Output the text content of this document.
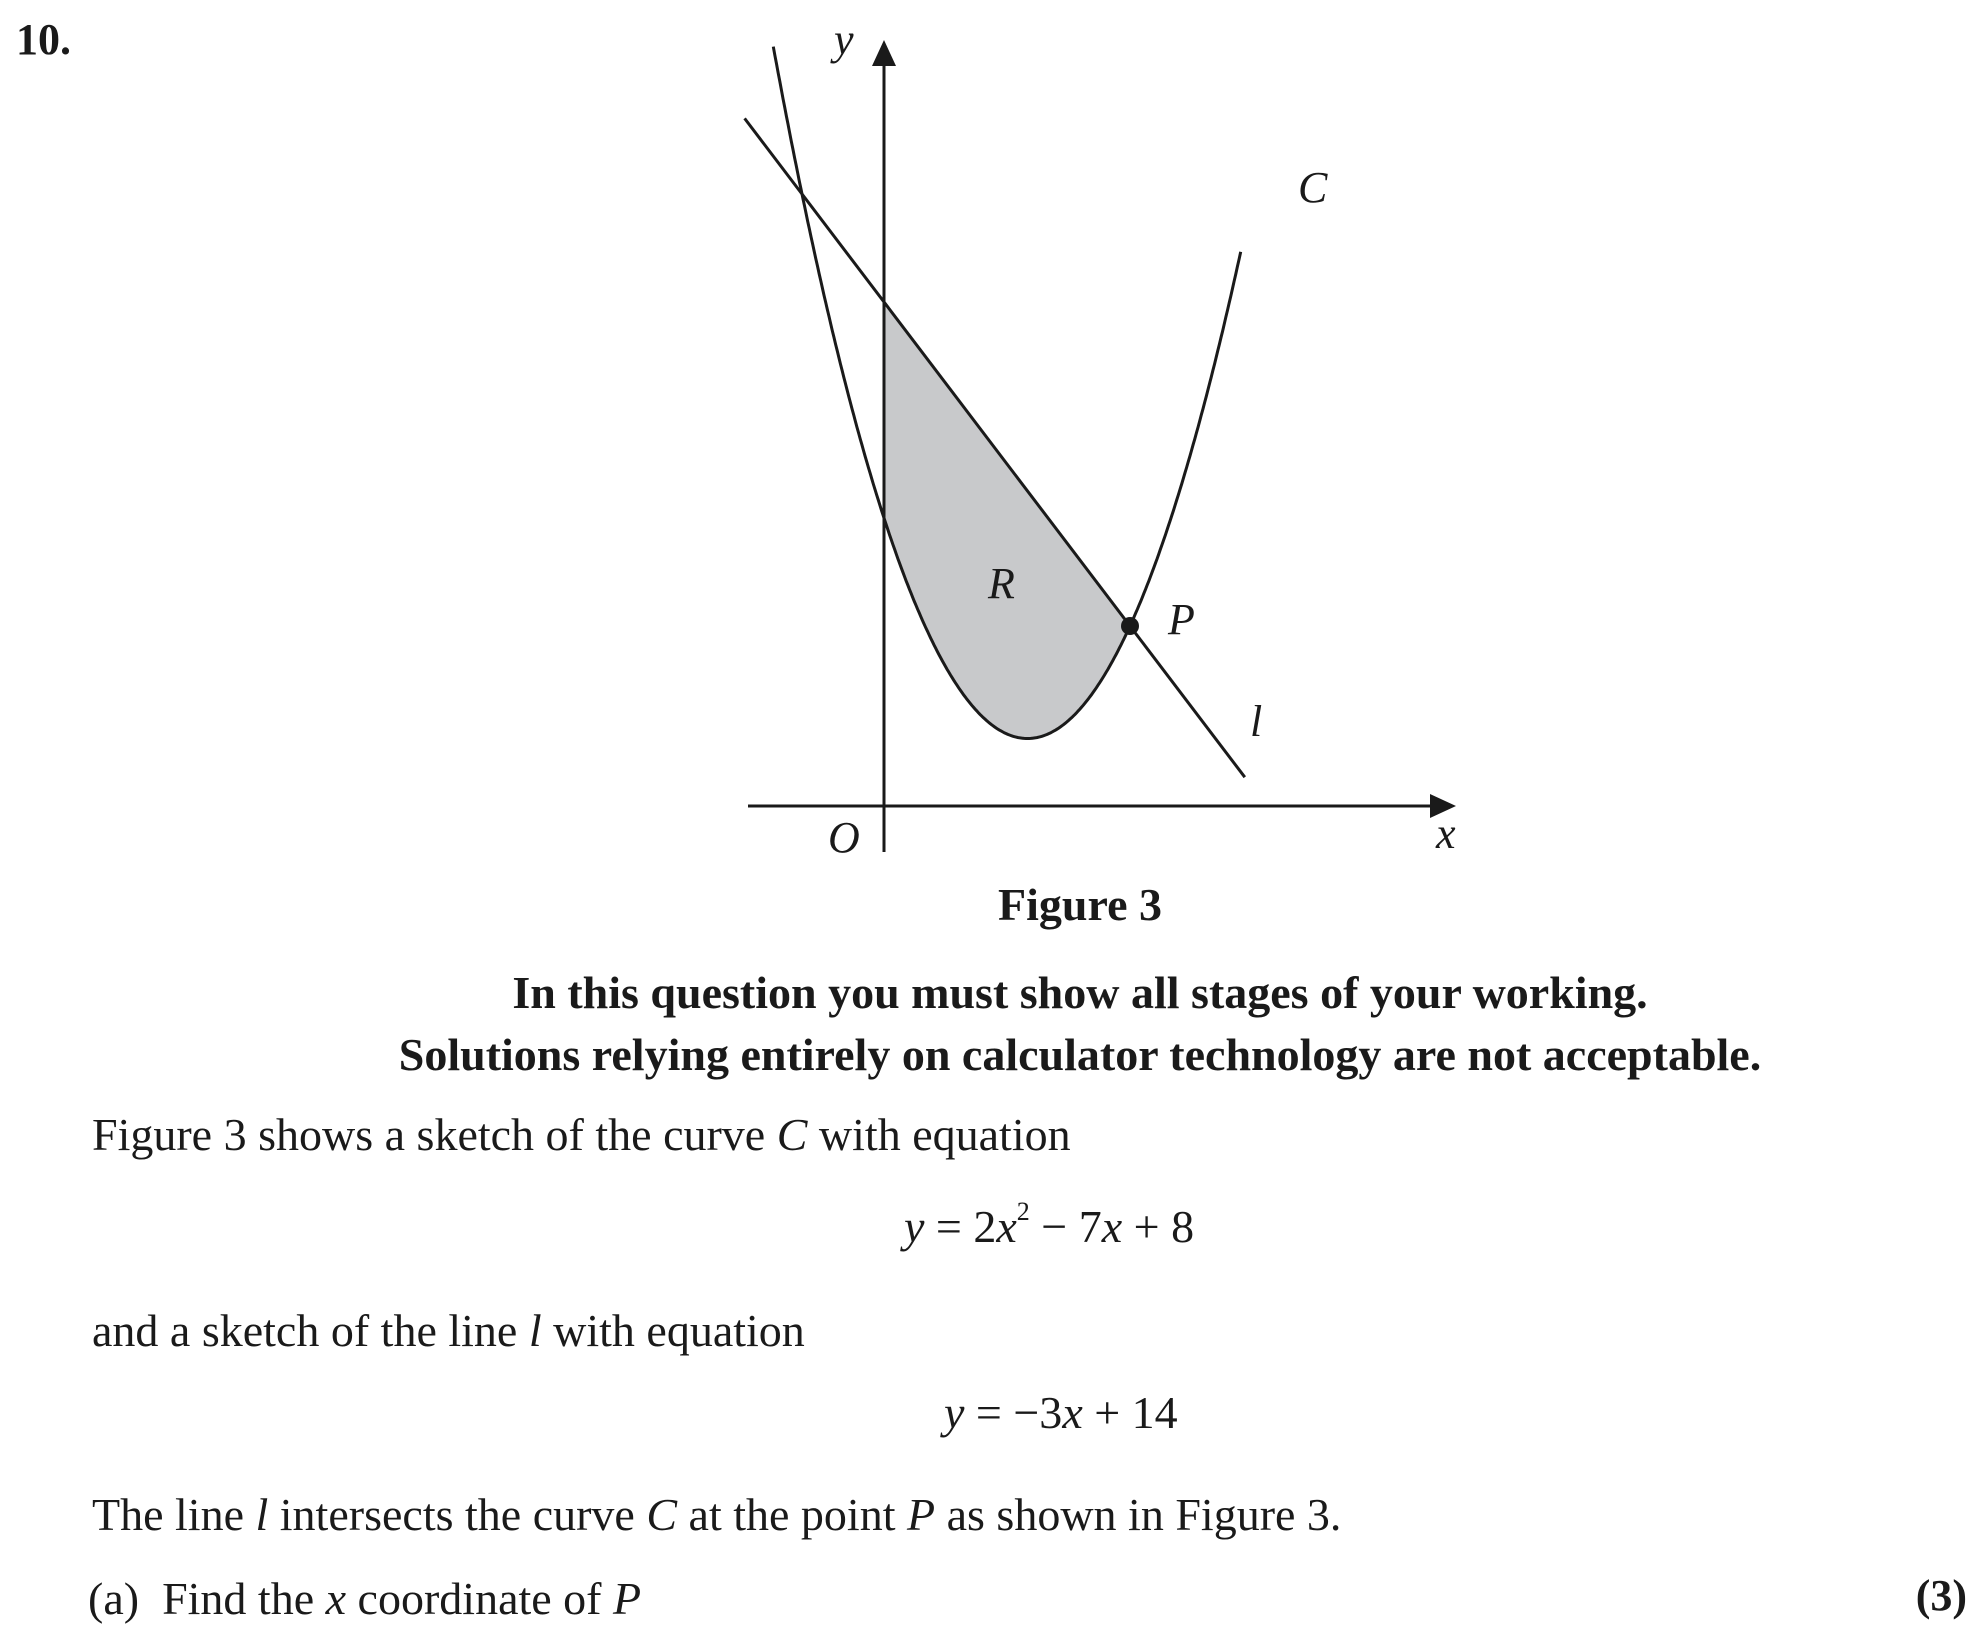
10.	y
x
O
C
R
P
l
Figure 3
In this question you must show all stages of your working.
Solutions relying entirely on calculator technology are not acceptable.
Figure 3 shows a sketch of the curve C with equation
$y = 2x^2 - 7x + 8$
and a sketch of the line l with equation
y = −3x + 14
The line l intersects the curve C at the point P as shown in Figure 3.
(a) Find the x coordinate of P	(3)
